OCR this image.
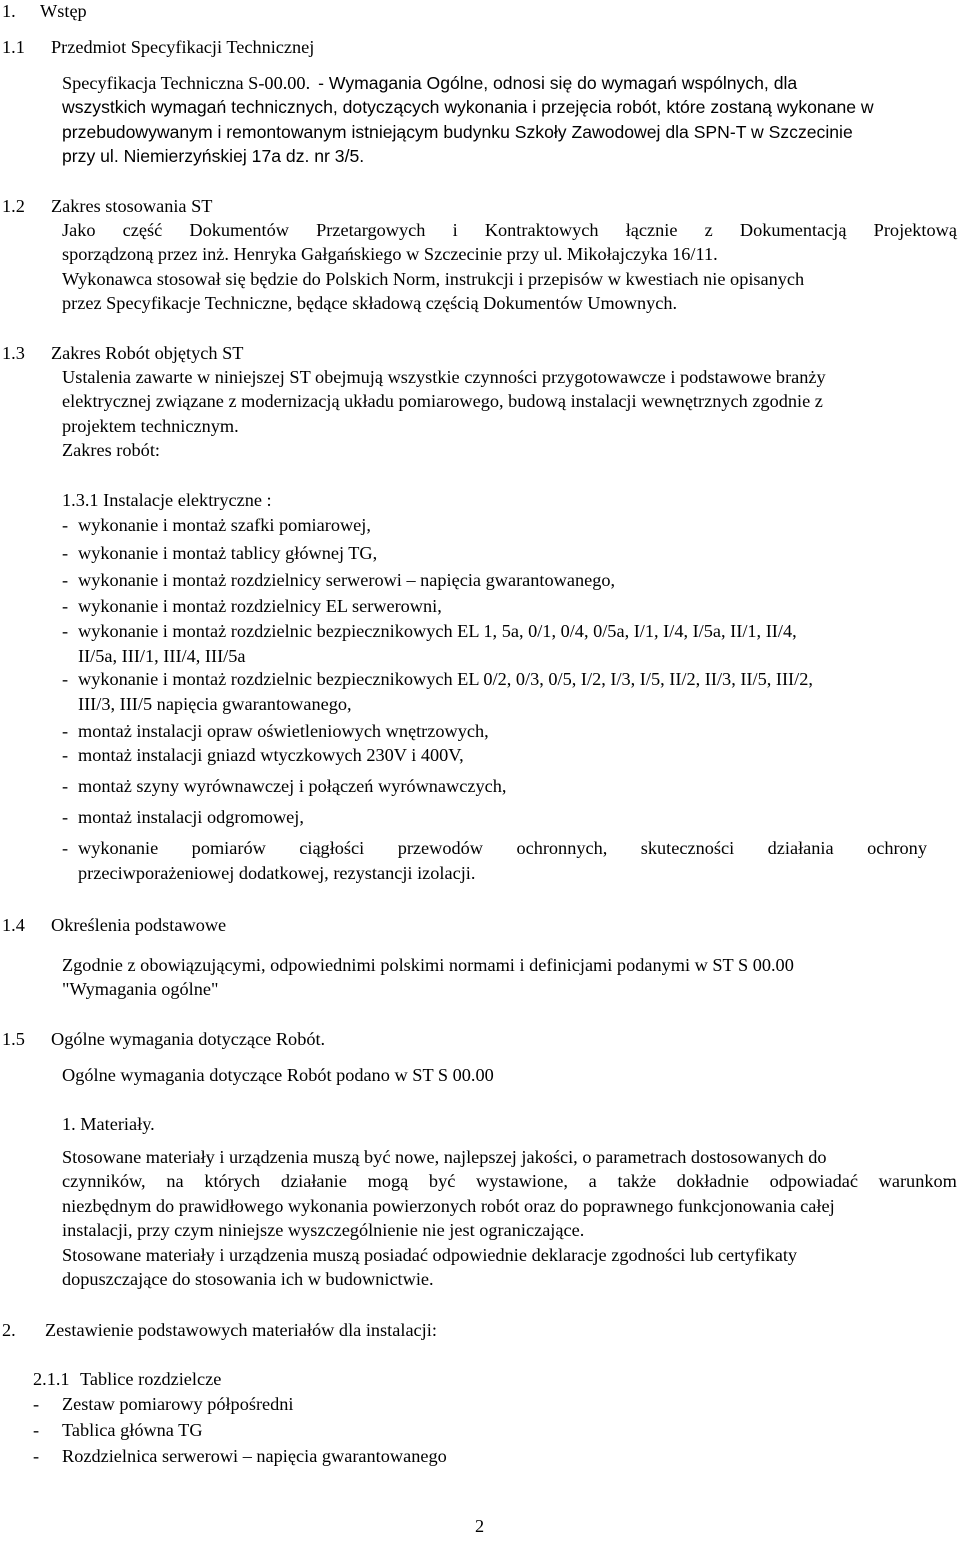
1. Wstęp
1.1 Przedmiot Specyfikacji Technicznej
Specyfikacja Techniczna S-00.00. - Wymagania Ogólne, odnosi się do wymagań wspólnych, dla
wszystkich wymagań technicznych, dotyczących wykonania i przejęcia robót, które zostaną wykonane w
przebudowywanym i remontowanym istniejącym budynku Szkoły Zawodowej dla SPN-T w Szczecinie
przy ul. Niemierzyńskiej 17a dz. nr 3/5.
1.2 Zakres stosowania ST
Jako część Dokumentów Przetargowych i Kontraktowych łącznie z Dokumentacją Projektową
sporządzoną przez inż. Henryka Gałgańskiego w Szczecinie przy ul. Mikołajczyka 16/11.
Wykonawca stosował się będzie do Polskich Norm, instrukcji i przepisów w kwestiach nie opisanych
przez Specyfikacje Techniczne, będące składową częścią Dokumentów Umownych.
1.3 Zakres Robót objętych ST
Ustalenia zawarte w niniejszej ST obejmują wszystkie czynności przygotowawcze i podstawowe branży
elektrycznej związane z modernizacją układu pomiarowego, budową instalacji wewnętrznych zgodnie z
projektem technicznym.
Zakres robót:
1.3.1 Instalacje elektryczne :
- wykonanie i montaż szafki pomiarowej,
- wykonanie i montaż tablicy głównej TG,
- wykonanie i montaż rozdzielnicy serwerowi – napięcia gwarantowanego,
- wykonanie i montaż rozdzielnicy EL serwerowni,
- wykonanie i montaż rozdzielnic bezpiecznikowych EL 1, 5a, 0/1, 0/4, 0/5a, I/1, I/4, I/5a, II/1, II/4,
II/5a, III/1, III/4, III/5a
- wykonanie i montaż rozdzielnic bezpiecznikowych EL 0/2, 0/3, 0/5, I/2, I/3, I/5, II/2, II/3, II/5, III/2,
III/3, III/5 napięcia gwarantowanego,
- montaż instalacji opraw oświetleniowych wnętrzowych,
- montaż instalacji gniazd wtyczkowych 230V i 400V,
- montaż szyny wyrównawczej i połączeń wyrównawczych,
- montaż instalacji odgromowej,
- wykonanie pomiarów ciągłości przewodów ochronnych, skuteczności działania ochrony
przeciwporażeniowej dodatkowej, rezystancji izolacji.
1.4 Określenia podstawowe
Zgodnie z obowiązującymi, odpowiednimi polskimi normami i definicjami podanymi w ST S 00.00
"Wymagania ogólne"
1.5 Ogólne wymagania dotyczące Robót.
Ogólne wymagania dotyczące Robót podano w ST S 00.00
1. Materiały.
Stosowane materiały i urządzenia muszą być nowe, najlepszej jakości, o parametrach dostosowanych do
czynników, na których działanie mogą być wystawione, a także dokładnie odpowiadać warunkom
niezbędnym do prawidłowego wykonania powierzonych robót oraz do poprawnego funkcjonowania całej
instalacji, przy czym niniejsze wyszczególnienie nie jest ograniczające.
Stosowane materiały i urządzenia muszą posiadać odpowiednie deklaracje zgodności lub certyfikaty
dopuszczające do stosowania ich w budownictwie.
2. Zestawienie podstawowych materiałów dla instalacji:
2.1.1 Tablice rozdzielcze
- Zestaw pomiarowy półpośredni
- Tablica główna TG
- Rozdzielnica serwerowi – napięcia gwarantowanego
2
